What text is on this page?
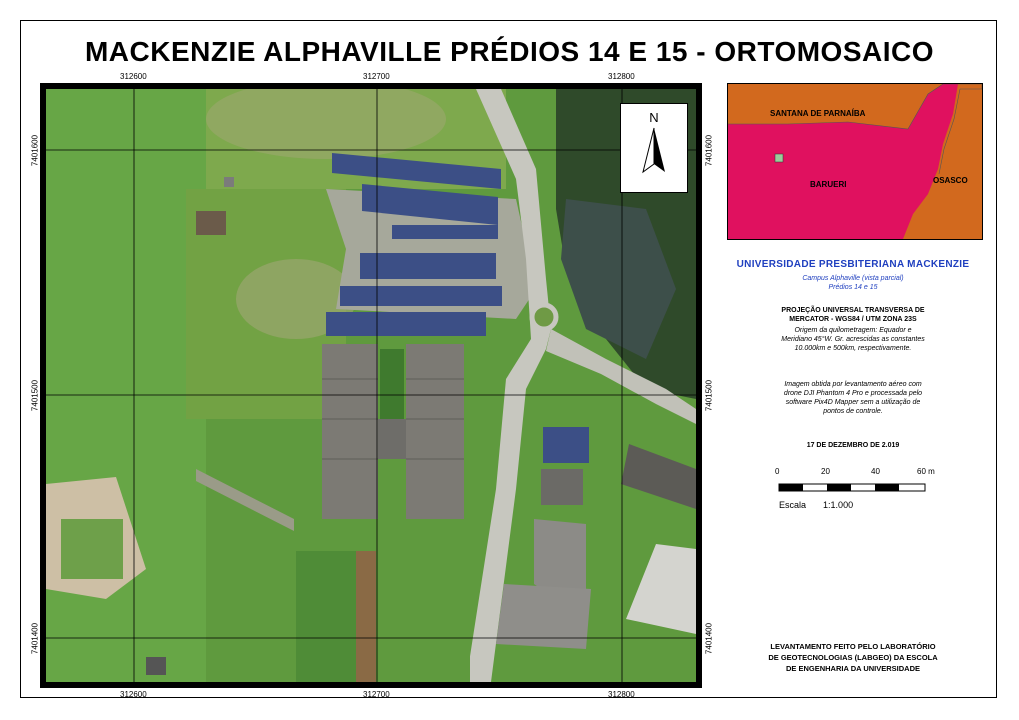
MACKENZIE ALPHAVILLE PRÉDIOS 14 E 15 - ORTOMOSAICO
312600	312700	312800
312600	312700	312800
7401600
7401500
7401400
7401600
7401500
7401400
N	SANTANA DE PARNAÍBA
BARUERI	OSASCO
UNIVERSIDADE PRESBITERIANA MACKENZIE
Campus Alphaville (vista parcial)
Prédios 14 e 15
PROJEÇÃO UNIVERSAL TRANSVERSA DE
MERCATOR - WGS84 / UTM ZONA 23S
Origem da quilometragem: Equador e
Meridiano 45°W. Gr. acrescidas as constantes
10.000km e 500km, respectivamente.
Imagem obtida por levantamento aéreo com
drone DJI Phantom 4 Pro e processada pelo
software Pix4D Mapper sem a utilização de
pontos de controle.
17 DE DEZEMBRO DE 2.019
0	20	40	60 m
Escala 1:1.000
LEVANTAMENTO FEITO PELO LABORATÓRIO
DE GEOTECNOLOGIAS (LABGEO) DA ESCOLA
DE ENGENHARIA DA UNIVERSIDADE
